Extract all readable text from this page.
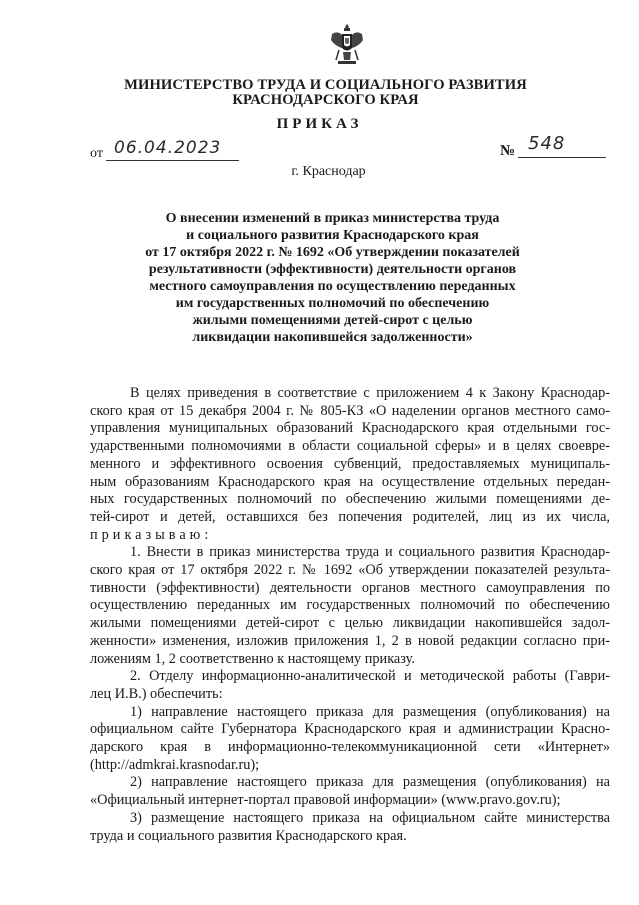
МИНИСТЕРСТВО ТРУДА И СОЦИАЛЬНОГО РАЗВИТИЯ
КРАСНОДАРСКОГО КРАЯ
ПРИКАЗ
от 06.04.2023	№ 548
г. Краснодар
О внесении изменений в приказ министерства труда
и социального развития Краснодарского края
от 17 октября 2022 г. № 1692 «Об утверждении показателей
результативности (эффективности) деятельности органов
местного самоуправления по осуществлению переданных
им государственных полномочий по обеспечению
жилыми помещениями детей-сирот с целью
ликвидации накопившейся задолженности»
В целях приведения в соответствие с приложением 4 к Закону Краснодар-
ского края от 15 декабря 2004 г. № 805-КЗ «О наделении органов местного само-
управления муниципальных образований Краснодарского края отдельными гос-
ударственными полномочиями в области социальной сферы» и в целях своевре-
менного и эффективного освоения субвенций, предоставляемых муниципаль-
ным образованиям Краснодарского края на осуществление отдельных передан-
ных государственных полномочий по обеспечению жилыми помещениями де-
тей-сирот и детей, оставшихся без попечения родителей, лиц из их числа,
приказываю:
1. Внести в приказ министерства труда и социального развития Краснодар-
ского края от 17 октября 2022 г. № 1692 «Об утверждении показателей результа-
тивности (эффективности) деятельности органов местного самоуправления по
осуществлению переданных им государственных полномочий по обеспечению
жилыми помещениями детей-сирот с целью ликвидации накопившейся задол-
женности» изменения, изложив приложения 1, 2 в новой редакции согласно при-
ложениям 1, 2 соответственно к настоящему приказу.
2. Отделу информационно-аналитической и методической работы (Гаври-
лец И.В.) обеспечить:
1) направление настоящего приказа для размещения (опубликования) на
официальном сайте Губернатора Краснодарского края и администрации Красно-
дарского края в информационно-телекоммуникационной сети «Интернет»
(http://admkrai.krasnodar.ru);
2) направление настоящего приказа для размещения (опубликования) на
«Официальный интернет-портал правовой информации» (www.pravo.gov.ru);
3) размещение настоящего приказа на официальном сайте министерства
труда и социального развития Краснодарского края.
